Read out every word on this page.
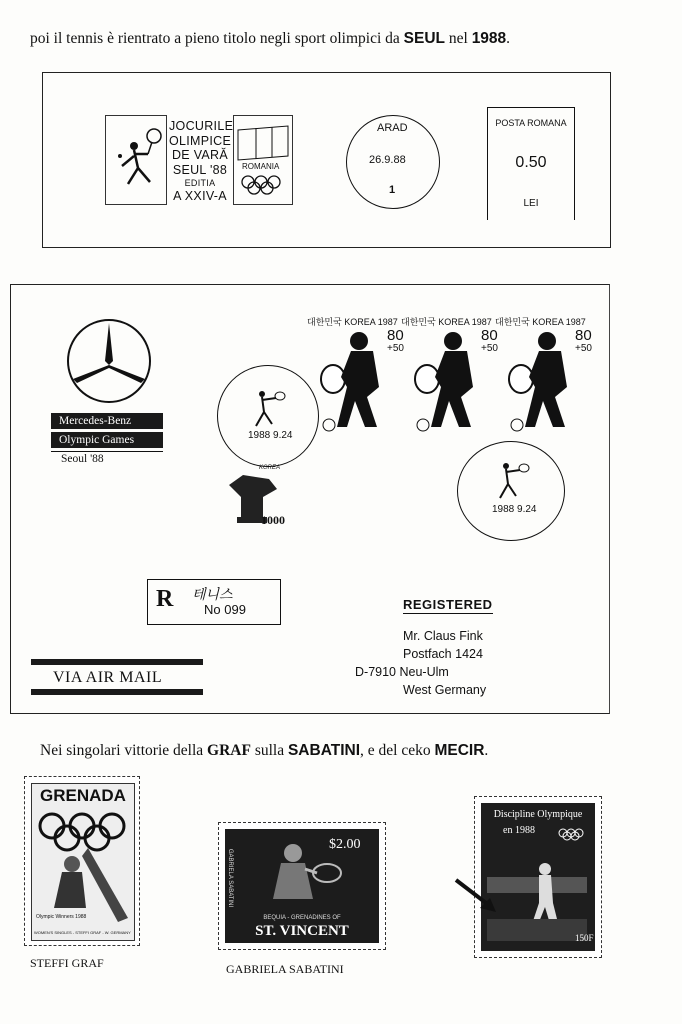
poi il tennis è rientrato a pieno titolo negli sport olimpici da SEUL nel 1988.
JOCURILE
OLIMPICE
DE VARĂ
SEUL '88
EDITIA
A XXIV-A
ROMANIA
ARAD
26.9.88
1
POSTA ROMANA
0.50
LEI
Mercedes-Benz
Olympic Games
Seoul '88
대한민국 KOREA 1987
80
+50
대한민국 KOREA 1987
80
+50
대한민국 KOREA 1987
80
+50
1988 9.24
1988 9.24
KOREA
1000
R 테니스
No 099	REGISTERED
Mr. Claus Fink
Postfach 1424
D-7910 Neu-Ulm
West Germany
VIA AIR MAIL
Nei singolari vittorie della GRAF sulla SABATINI, e del ceko MECIR.
GRENADA
Olympic Winners 1988
WOMEN'S SINGLES - STEFFI GRAF - W. GERMANY
STEFFI GRAF
$2.00
GABRIELA SABATINI
BEQUIA - GRENADINES OF
ST. VINCENT
GABRIELA SABATINI
Discipline Olympique
en 1988
150F
